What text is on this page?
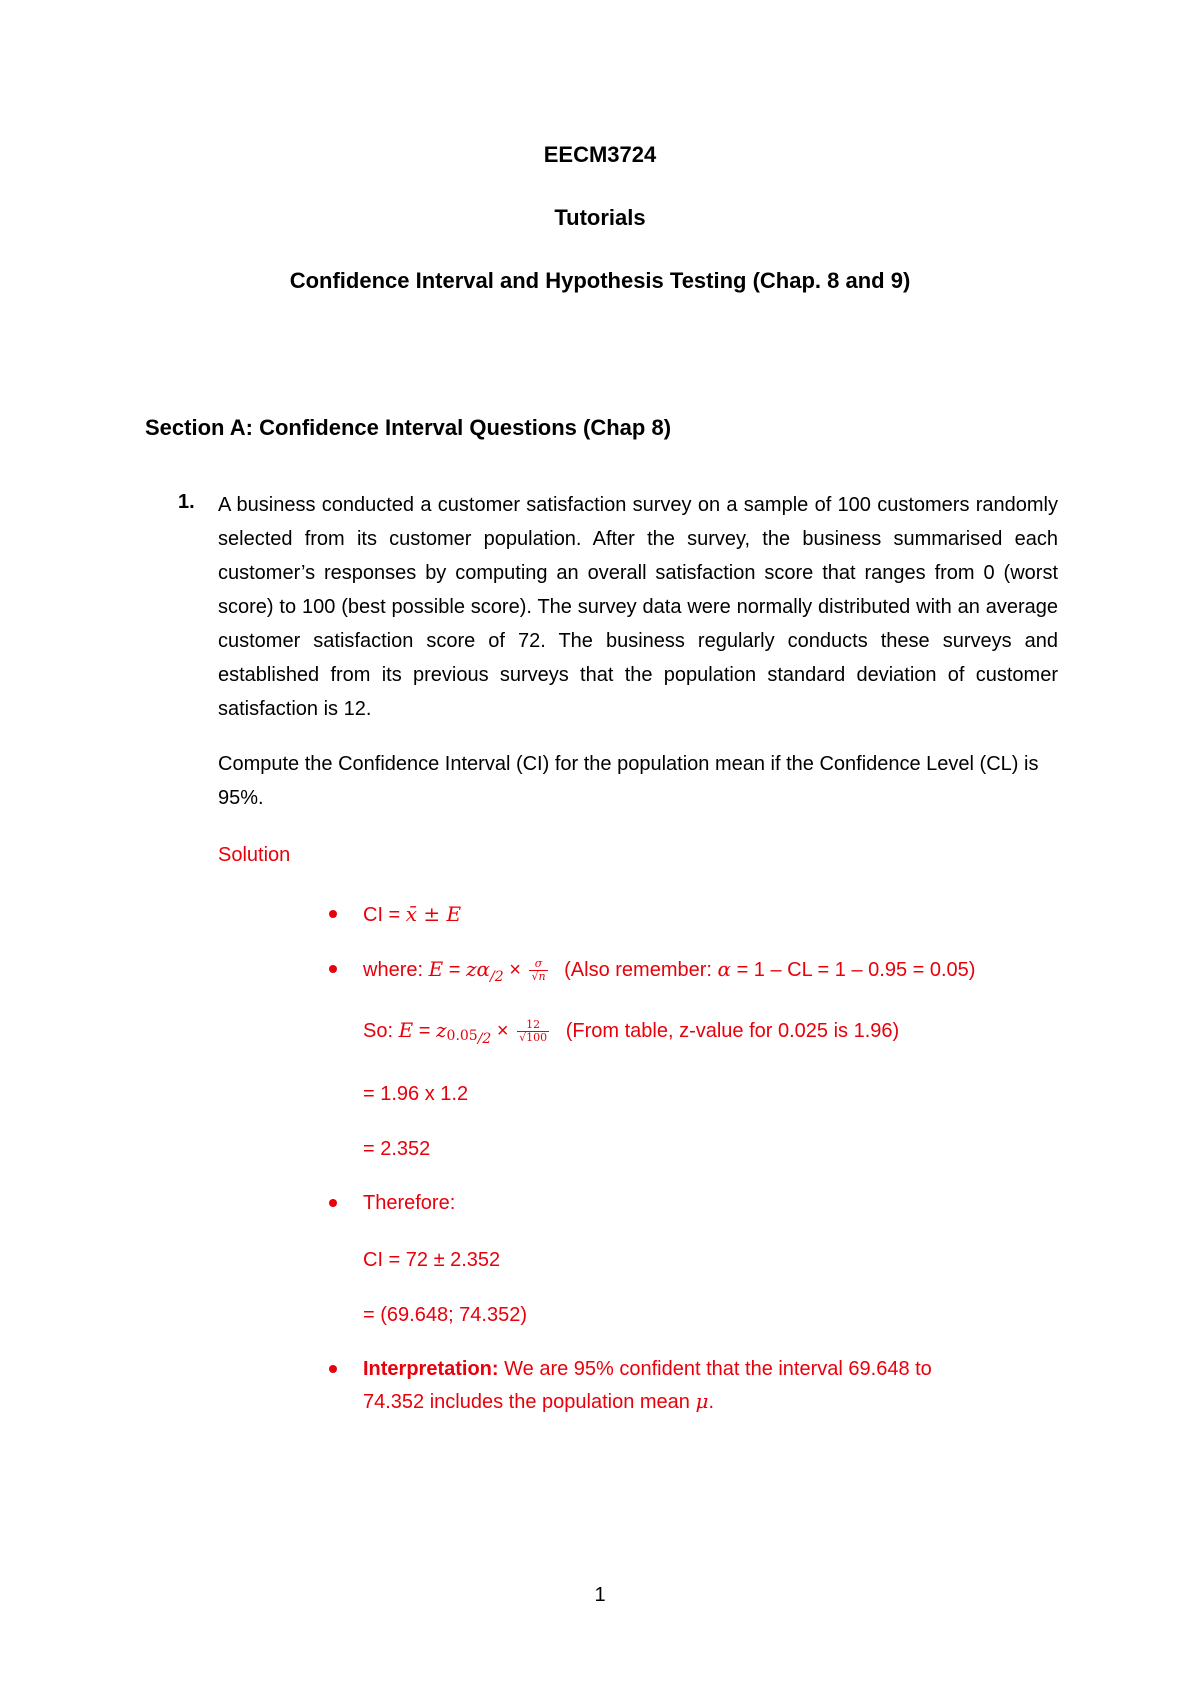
EECM3724
Tutorials
Confidence Interval and Hypothesis Testing (Chap. 8 and 9)
Section A: Confidence Interval Questions (Chap 8)
1. A business conducted a customer satisfaction survey on a sample of 100 customers randomly selected from its customer population. After the survey, the business summarised each customer’s responses by computing an overall satisfaction score that ranges from 0 (worst score) to 100 (best possible score). The survey data were normally distributed with an average customer satisfaction score of 72. The business regularly conducts these surveys and established from its previous surveys that the population standard deviation of customer satisfaction is 12.

Compute the Confidence Interval (CI) for the population mean if the Confidence Level (CL) is 95%.

Solution
CI = x̄ ± E
where: $E = z\alpha_{/2} \times \frac{\sigma}{√n}$ (Also remember: α = 1 – CL = 1 – 0.95 = 0.05)
So: $E = z0.05_{/2} \times \frac{12}{√100}$ (From table, z-value for 0.025 is 1.96)
= 1.96 x 1.2
= 2.352
Therefore:
CI = 72 ± 2.352
= (69.648; 74.352)
Interpretation: We are 95% confident that the interval 69.648 to
74.352 includes the population mean μ.
1
